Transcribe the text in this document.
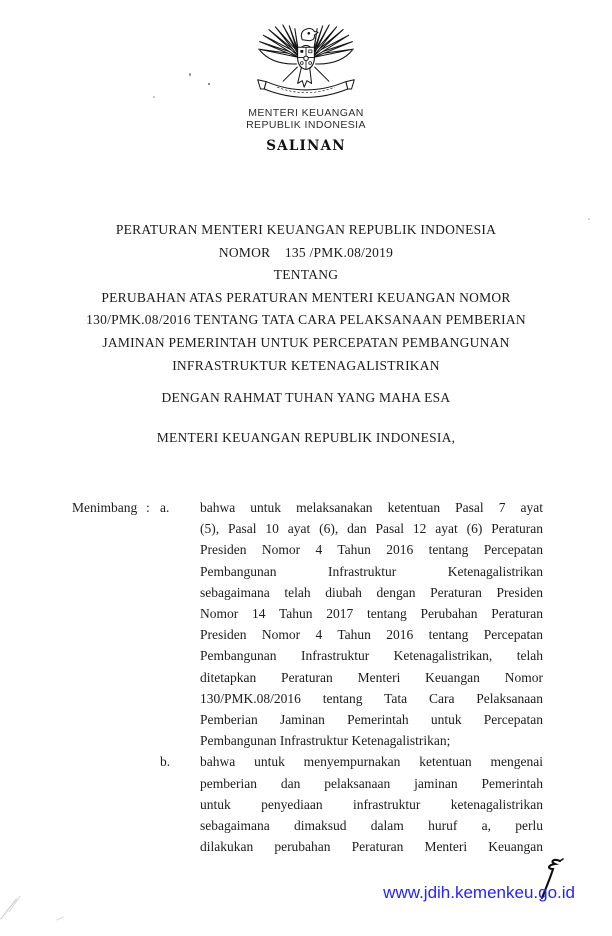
MENTERI KEUANGAN
REPUBLIK INDONESIA
SALINAN
PERATURAN MENTERI KEUANGAN REPUBLIK INDONESIA
NOMOR    135 /PMK.08/2019
TENTANG
PERUBAHAN ATAS PERATURAN MENTERI KEUANGAN NOMOR
130/PMK.08/2016 TENTANG TATA CARA PELAKSANAAN PEMBERIAN
JAMINAN PEMERINTAH UNTUK PERCEPATAN PEMBANGUNAN
INFRASTRUKTUR KETENAGALISTRIKAN
DENGAN RAHMAT TUHAN YANG MAHA ESA
MENTERI KEUANGAN REPUBLIK INDONESIA,
Menimbang : a.	bahwa untuk melaksanakan ketentuan Pasal 7 ayat
(5), Pasal 10 ayat (6), dan Pasal 12 ayat (6) Peraturan
Presiden Nomor 4 Tahun 2016 tentang Percepatan
Pembangunan Infrastruktur Ketenagalistrikan
sebagaimana telah diubah dengan Peraturan Presiden
Nomor 14 Tahun 2017 tentang Perubahan Peraturan
Presiden Nomor 4 Tahun 2016 tentang Percepatan
Pembangunan Infrastruktur Ketenagalistrikan, telah
ditetapkan Peraturan Menteri Keuangan Nomor
130/PMK.08/2016 tentang Tata Cara Pelaksanaan
Pemberian Jaminan Pemerintah untuk Percepatan
Pembangunan Infrastruktur Ketenagalistrikan;
b.	bahwa untuk menyempurnakan ketentuan mengenai
pemberian dan pelaksanaan jaminan Pemerintah
untuk penyediaan infrastruktur ketenagalistrikan
sebagaimana dimaksud dalam huruf a, perlu
dilakukan perubahan Peraturan Menteri Keuangan
www.jdih.kemenkeu.go.id
